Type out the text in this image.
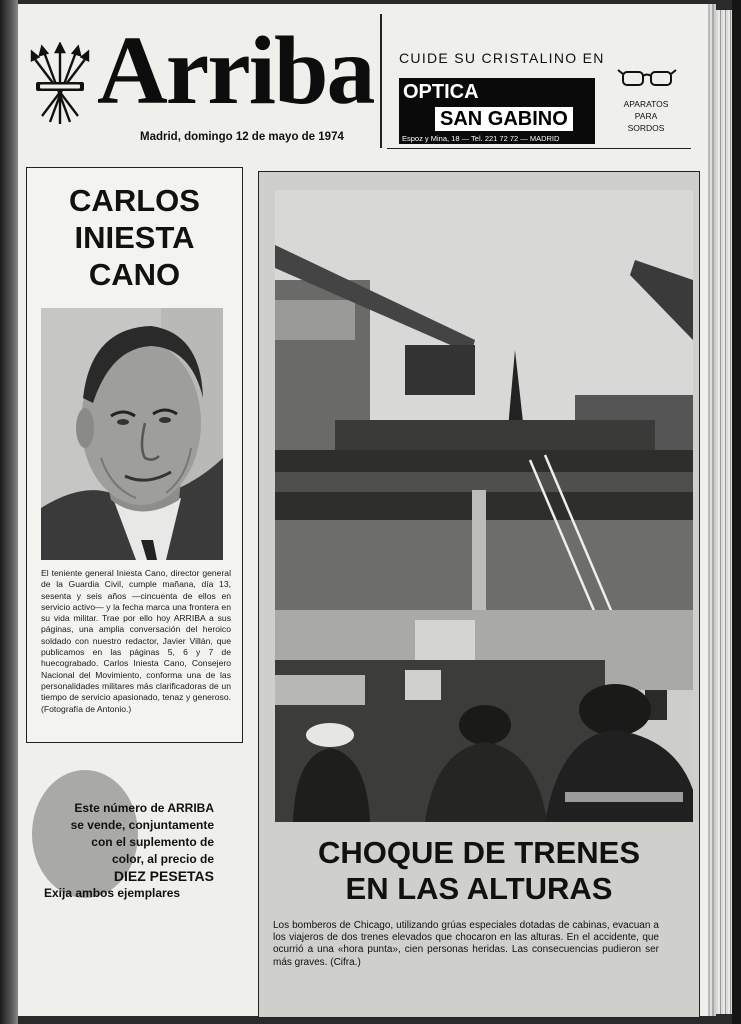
Arriba
Madrid, domingo 12 de mayo de 1974
CUIDE SU CRISTALINO EN
OPTICA
SAN GABINO
Espoz y Mina, 18 — Tel. 221 72 72 — MADRID
APARATOS
PARA
SORDOS
CARLOS
INIESTA
CANO
El teniente general Iniesta Cano, director general de la Guardia Civil, cumple mañana, día 13, sesenta y seis años —cincuenta de ellos en servicio activo— y la fecha marca una frontera en su vida militar. Trae por ello hoy ARRIBA a sus páginas, una amplia conversación del heroico soldado con nuestro redactor, Javier Villán, que publicamos en las páginas 5, 6 y 7 de huecograbado. Carlos Iniesta Cano, Consejero Nacional del Movimiento, conforma una de las personalidades militares más clarificadoras de un tiempo de servicio apasionado, tenaz y generoso. (Fotografía de Antonio.)
Este número de ARRIBA
se vende, conjuntamente
con el suplemento de
color, al precio de
DIEZ PESETAS
Exija ambos ejemplares
CHOQUE DE TRENES
EN LAS ALTURAS
Los bomberos de Chicago, utilizando grúas especiales dotadas de cabinas, evacuan a los viajeros de dos trenes elevados que chocaron en las alturas. En el accidente, que ocurrió a una «hora punta», cien personas heridas. Las consecuencias pudieron ser más graves. (Cifra.)
